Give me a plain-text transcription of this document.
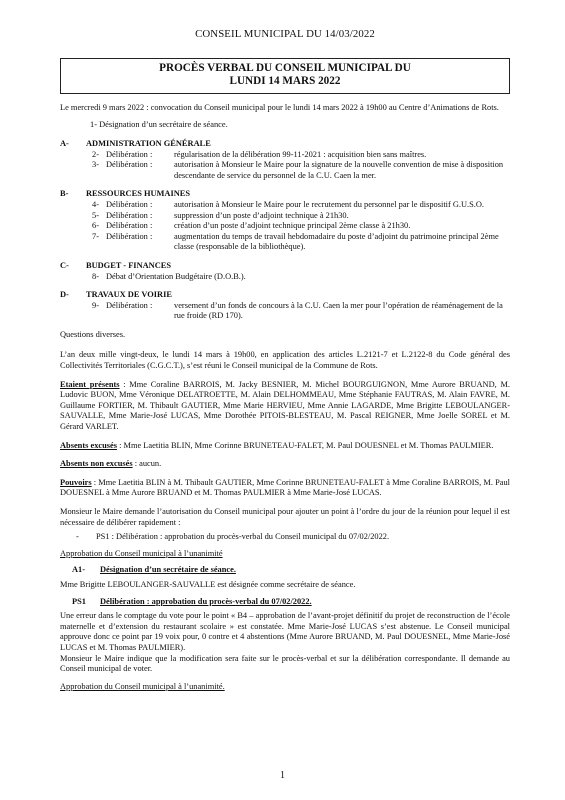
CONSEIL MUNICIPAL DU 14/03/2022
PROCÈS VERBAL DU CONSEIL MUNICIPAL DU
LUNDI 14 MARS 2022

Le mercredi 9 mars 2022 : convocation du Conseil municipal pour le lundi 14 mars 2022 à 19h00 au Centre d’Animations de Rots.

1- Désignation d’un secrétaire de séance.
A-	ADMINISTRATION GÉNÉRALE
2- Délibération :	régularisation de la délibération 99-11-2021 : acquisition bien sans maîtres.
3- Délibération :	autorisation à Monsieur le Maire pour la signature de la nouvelle convention de mise à disposition descendante de service du personnel de la C.U. Caen la mer.
B-	RESSOURCES HUMAINES
4- Délibération :	autorisation à Monsieur le Maire pour le recrutement du personnel par le dispositif G.U.S.O.
5- Délibération :	suppression d’un poste d’adjoint technique à 21h30.
6- Délibération :	création d’un poste d’adjoint technique principal 2ème classe à 21h30.
7- Délibération :	augmentation du temps de travail hebdomadaire du poste d’adjoint du patrimoine principal 2ème classe (responsable de la bibliothèque).
C-	BUDGET - FINANCES
8- Débat d’Orientation Budgétaire (D.O.B.).
D-	TRAVAUX DE VOIRIE
9- Délibération :	versement d’un fonds de concours à la C.U. Caen la mer pour l’opération de réaménagement de la rue froide (RD 170).

Questions diverses.

L’an deux mille vingt-deux, le lundi 14 mars à 19h00, en application des articles L.2121-7 et L.2122-8 du Code général des Collectivités Territoriales (C.G.C.T.), s’est réuni le Conseil municipal de la Commune de Rots.

Etaient présents : Mme Coraline BARROIS, M. Jacky BESNIER, M. Michel BOURGUIGNON, Mme Aurore BRUAND, M. Ludovic BUON, Mme Véronique DELATROETTE, M. Alain DELHOMMEAU, Mme Stéphanie FAUTRAS, M. Alain FAVRE, M. Guillaume FORTIER, M. Thibault GAUTIER, Mme Marie HERVIEU, Mme Annie LAGARDE, Mme Brigitte LEBOULANGER-SAUVALLE, Mme Marie-José LUCAS, Mme Dorothée PITOIS-BLESTEAU, M. Pascal REIGNER, Mme Joelle SOREL et M. Gérard VARLET.

Absents excusés : Mme Laetitia BLIN, Mme Corinne BRUNETEAU-FALET, M. Paul DOUESNEL et M. Thomas PAULMIER.

Absents non excusés : aucun.

Pouvoirs : Mme Laetitia BLIN à M. Thibault GAUTIER, Mme Corinne BRUNETEAU-FALET à Mme Coraline BARROIS, M. Paul DOUESNEL à Mme Aurore BRUAND et M. Thomas PAULMIER à Mme Marie-José LUCAS.

Monsieur le Maire demande l’autorisation du Conseil municipal pour ajouter un point à l’ordre du jour de la réunion pour lequel il est nécessaire de délibérer rapidement :

-	PS1 : Délibération : approbation du procès-verbal du Conseil municipal du 07/02/2022.

Approbation du Conseil municipal à l’unanimité

A1-	Désignation d’un secrétaire de séance.

Mme Brigitte LEBOULANGER-SAUVALLE est désignée comme secrétaire de séance.

PS1	Délibération : approbation du procès-verbal du 07/02/2022.

Une erreur dans le comptage du vote pour le point « B4 – approbation de l’avant-projet définitif du projet de reconstruction de l’école maternelle et d’extension du restaurant scolaire » est constatée. Mme Marie-José LUCAS s’est abstenue. Le Conseil municipal approuve donc ce point par 19 voix pour, 0 contre et 4 abstentions (Mme Aurore BRUAND, M. Paul DOUESNEL, Mme Marie-José LUCAS et M. Thomas PAULMIER).

Monsieur le Maire indique que la modification sera faite sur le procès-verbal et sur la délibération correspondante. Il demande au Conseil municipal de voter.

Approbation du Conseil municipal à l’unanimité.

1
